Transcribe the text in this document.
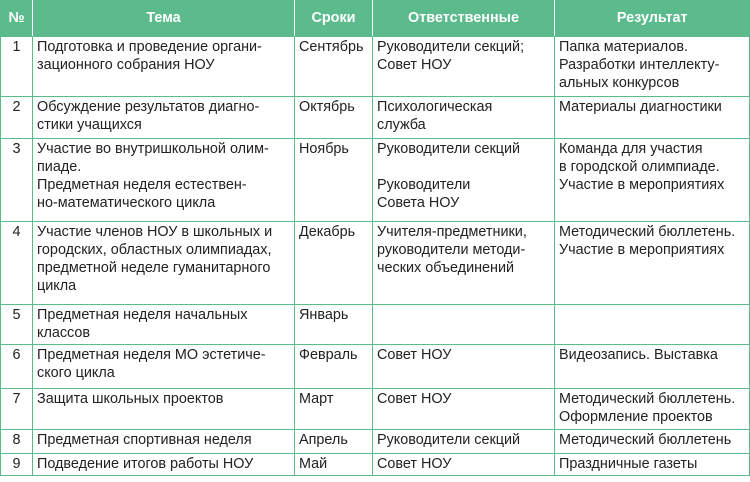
№	Тема	Сроки	Ответственные	Результат
1	Подготовка и проведение органи-
зационного собрания НОУ	Сентябрь	Руководители секций;
Совет НОУ	Папка материалов.
Разработки интеллекту-
альных конкурсов
2	Обсуждение результатов диагно-
стики учащихся	Октябрь	Психологическая
служба	Материалы диагностики
3	Участие во внутришкольной олим-
пиаде.
Предметная неделя естествен-
но-математического цикла	Ноябрь	Руководители секций

Руководители
Совета НОУ	Команда для участия
в городской олимпиаде.
Участие в мероприятиях
4	Участие членов НОУ в школьных и
городских, областных олимпиадах,
предметной неделе гуманитарного
цикла	Декабрь	Учителя-предметники,
руководители методи-
ческих объединений	Методический бюллетень.
Участие в мероприятиях
5	Предметная неделя начальных
классов	Январь		
6	Предметная неделя МО эстетиче-
ского цикла	Февраль	Совет НОУ	Видеозапись. Выставка
7	Защита школьных проектов	Март	Совет НОУ	Методический бюллетень.
Оформление проектов
8	Предметная спортивная неделя	Апрель	Руководители секций	Методический бюллетень
9	Подведение итогов работы НОУ	Май	Совет НОУ	Праздничные газеты
